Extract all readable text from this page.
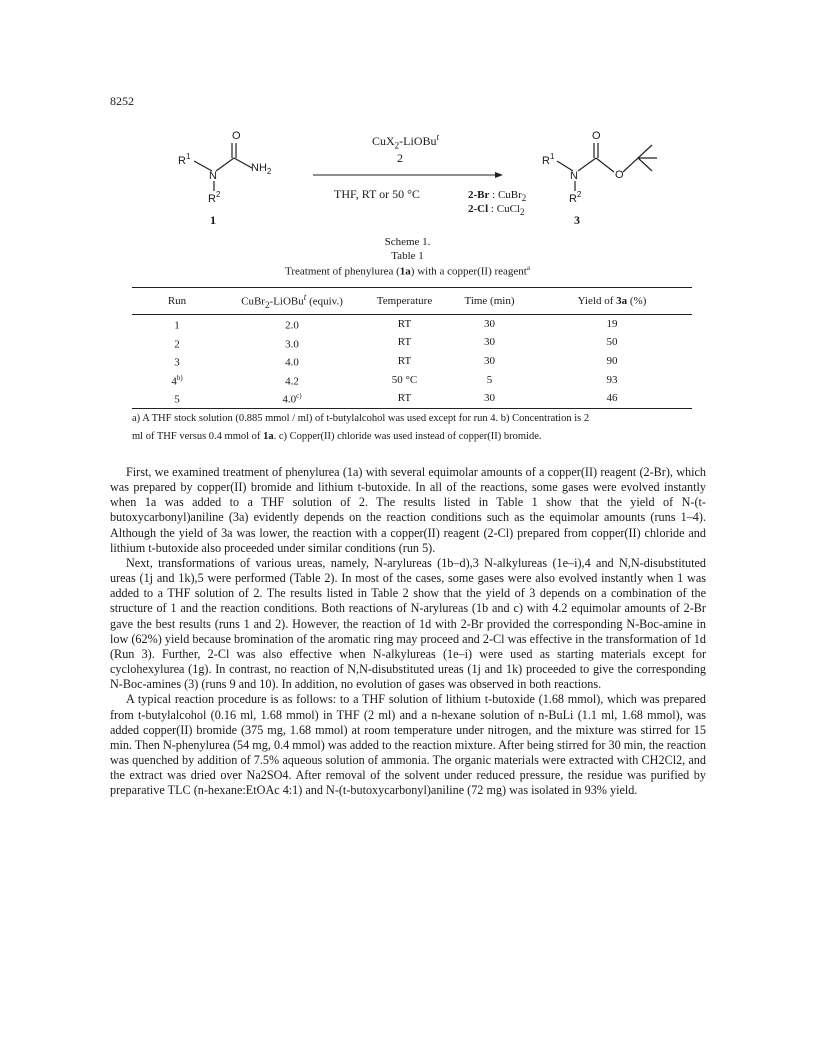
8252
O
$R^1$
N
$NH_2$
$R^2$
1
CuX$_2$-LiOBu$^t$
2
THF, RT or 50 °C	2-Br : CuBr$_2$
2-Cl : CuCl$_2$
O
$R^1$
N	O
$R^2$
3
Scheme 1.
Table 1
Treatment of phenylurea (1a) with a copper(II) reagent$^a$
Run	CuBr$_2$-LiOBu$^t$ (equiv.)	Temperature	Time (min)	Yield of 3a (%)
1	2.0	RT	30	19
2	3.0	RT	30	50
3	4.0	RT	30	90
4$^{b)}$	4.2	50 °C	5	93
5	4.0$^{c)}$	RT	30	46
a) A THF stock solution (0.885 mmol / ml) of t-butylalcohol was used except for run 4. b) Concentration is 2
ml of THF versus 0.4 mmol of 1a. c) Copper(II) chloride was used instead of copper(II) bromide.

First, we examined treatment of phenylurea (1a) with several equimolar amounts of a copper(II) reagent (2-Br), which was prepared by copper(II) bromide and lithium t-butoxide. In all of the reactions, some gases were evolved instantly when 1a was added to a THF solution of 2. The results listed in Table 1 show that the yield of N-(t-butoxycarbonyl)aniline (3a) evidently depends on the reaction conditions such as the equimolar amounts (runs 1–4). Although the yield of 3a was lower, the reaction with a copper(II) reagent (2-Cl) prepared from copper(II) chloride and lithium t-butoxide also proceeded under similar conditions (run 5).

Next, transformations of various ureas, namely, N-arylureas (1b–d),3 N-alkylureas (1e–i),4 and N,N-disubstituted ureas (1j and 1k),5 were performed (Table 2). In most of the cases, some gases were also evolved instantly when 1 was added to a THF solution of 2. The results listed in Table 2 show that the yield of 3 depends on a combination of the structure of 1 and the reaction conditions. Both reactions of N-arylureas (1b and c) with 4.2 equimolar amounts of 2-Br gave the best results (runs 1 and 2). However, the reaction of 1d with 2-Br provided the corresponding N-Boc-amine in low (62%) yield because bromination of the aromatic ring may proceed and 2-Cl was effective in the transformation of 1d (Run 3). Further, 2-Cl was also effective when N-alkylureas (1e–i) were used as starting materials except for cyclohexylurea (1g). In contrast, no reaction of N,N-disubstituted ureas (1j and 1k) proceeded to give the corresponding N-Boc-amines (3) (runs 9 and 10). In addition, no evolution of gases was observed in both reactions.

A typical reaction procedure is as follows: to a THF solution of lithium t-butoxide (1.68 mmol), which was prepared from t-butylalcohol (0.16 ml, 1.68 mmol) in THF (2 ml) and a n-hexane solution of n-BuLi (1.1 ml, 1.68 mmol), was added copper(II) bromide (375 mg, 1.68 mmol) at room temperature under nitrogen, and the mixture was stirred for 15 min. Then N-phenylurea (54 mg, 0.4 mmol) was added to the reaction mixture. After being stirred for 30 min, the reaction was quenched by addition of 7.5% aqueous solution of ammonia. The organic materials were extracted with CH2Cl2, and the extract was dried over Na2SO4. After removal of the solvent under reduced pressure, the residue was purified by preparative TLC (n-hexane:EtOAc 4:1) and N-(t-butoxycarbonyl)aniline (72 mg) was isolated in 93% yield.
